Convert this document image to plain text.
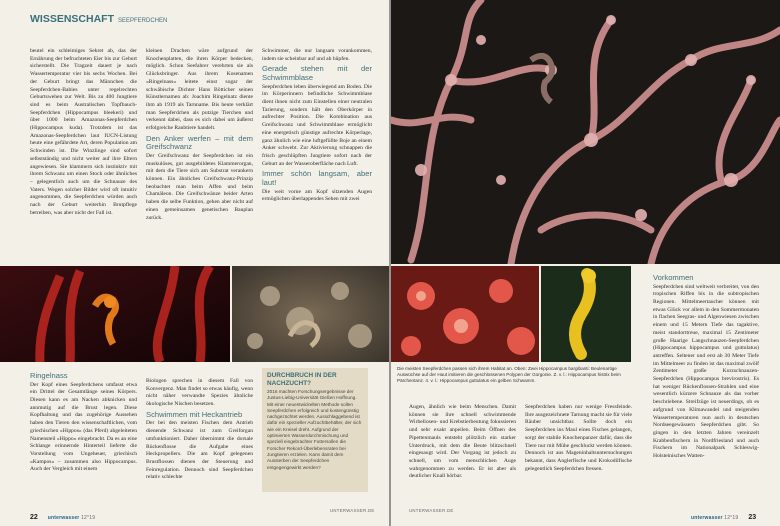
WISSENSCHAFT SEEPFERDCHEN

beutel ein schleimiges Sekret ab, das der Ernährung der befruchteten Eier bis zur Geburt sicherstellt. Die Tragzeit dauert je nach Wassertemperatur vier bis sechs Wochen. Bei der Geburt bringt das Männchen die Seepferdchen-Babies unter regelrechten Geburtswehen zur Welt. Bis zu 400 Jungtiere sind es beim Australischen Topfbauch-Seepferdchen (Hippocampus bleekeri) und über 1000 beim Amazonas-Seepferdchen (Hippocampus kuda). Trotzdem ist das Amazonas-Seepferdchen laut IUCN-Listung heute eine gefährdete Art, deren Population am Schwinden ist. Die Winzlinge sind sofort selbstständig und nicht weiter auf ihre Eltern angewiesen. Sie klammern sich instinktiv mit ihrem Schwanz um einen Stock oder ähnliches – gelegentlich auch um die Schnauze des Vaters. Wegen solcher Bilder wird oft intuitiv angenommen, die Seepferdchen würden auch nach der Geburt weiterhin Brutpflege betreiben, was aber nicht der Fall ist.

kleinen Drachen wäre aufgrund der Knochenplatten, die ihren Körper bedecken, möglich. Schon Seefahrer verehrten sie als Glücksbringer. Aus ihrem Kosenamen «Ringelnass» leitete einst sogar der schwäbische Dichter Hans Bötticher seinen Künstlernamen ab: Joachim Ringelnatz diente ihm ab 1919 als Tarnname. Bis heute verklärt man Seepferdchen als putzige Tierchen und verkennt dabei, dass es sich dabei um äußerst erfolgreiche Raubtiere handelt.

Den Anker werfen – mit dem Greifschwanz

Der Greifschwanz der Seepferdchen ist ein muskulöses, gut ausgebildetes Klammerorgan, mit dem die Tiere sich am Substrat verankern können. Ein ähnliches Greifschwanz-Prinzip beobachtet man beim Affen und beim Chamäleon. Die Greifschwänze beider Arten haben die selbe Funktion, gehen aber nicht auf einen gemeinsamen genetischen Bauplan zurück.

Schwimmer, die nur langsam vorankommen, indem sie scheinbar auf und ab hüpfen.

Gerade stehen mit der Schwimmblase

Seepferdchen leben überwiegend am Boden. Die im Körperinnern befindliche Schwimmblase dient ihnen nicht zum Einstellen einer neutralen Tarierung, sondern hält den Oberkörper in aufrechter Position. Die Kombination aus Greifschwanz und Schwimmblase ermöglicht eine energetisch günstige aufrechte Körperlage, ganz ähnlich wie eine luftgefüllte Boje an einem Anker schwebt. Zur Aktivierung schnappen die frisch geschlüpften Jungtiere sofort nach der Geburt an der Wasseroberfläche nach Luft.

Immer schön langsam, aber laut!

Die weit vorne am Kopf sitzenden Augen ermöglichen überlappendes Sehen mit zwei

Ringelnass

Der Kopf eines Seepferdchens umfasst etwa ein Drittel der Gesamtlänge seines Körpers. Diesen kann es am Nacken abknicken und annmutig auf die Brust legen. Diese Kopfhaltung und das zugehörige Aussehen haben den Tieren den wissenschaftlichen, vom griechischen «Hippos» (das Pferd) abgeleiteten Namensteil «Hippo» eingebracht. Da es an eine Schlange erinnernde Hinterteil lieferte die Vorstellung vom Ungeheuer, griechisch «Kampos» – zusammen also Hippocampus. Auch der Vergleich mit einem

Biologen sprechen in diesem Fall von Konvergenz. Man findet so etwas häufig, wenn nicht näher verwandte Spezies ähnliche ökologische Nischen besetzen.

Schwimmen mit Heckantrieb

Der bei den meisten Fischen dem Antrieb dienende Schwanz ist zum Greiforgan umfunktioniert. Daher übernimmt die dorsale Rückenflosse die Aufgabe eines Heckpropellers. Die am Kopf gelegenen Brustflossen dienen der Steuerung und Feinregulation. Dennoch sind Seepferdchen relativ schlechte

DURCHBRUCH IN DER NACHZUCHT?
2016 machten Forschungsergebnisse der Justus-Liebig-Universität Gießen Hoffnung. Mit einer neuentwickelten Methode sollen Seepferdchen erfolgreich und kostengünstig nachgezüchtet werden. Ausschlaggebend ist dafür ein spezieller Aufzuchtbehälter, der sich wie ein Kreisel dreht. Aufgrund der optimierten Wasserdurchmischung und speziell eingebrachter Futtersollen die Forscher Rekord-Überlebensraten bei Jungtieren erzielen. Kann damit dem Aussterben der Seepferdchen entgegengewirkt werden?
22 unterwasser 12°19
UNTERWASSER.DE
Die meisten Seepferdchen passen sich ihrem Habitat an. Oben: Zwei Hippocampus bargibanti: Beulenartige Auswüchse auf der Haut imitieren die geschlossenen Polypen der Gorgonie. Z. v. l.: Hippocampus histrix beim Pärchentanz. 4. v. l.: Hippocampus guttulatus ein gelben Schwamm.

Augen, ähnlich wie beim Menschen. Damit können sie ihre schnell schwimmende Wirbellosen- und Krebstierbeutung fokussieren und sehr exakt anpeilen. Beim Öffnen des Pipettenmauls entsteht plötzlich ein starker Unterdruck, mit dem die Beute blitzschnell eingesaugt wird. Der Vorgang ist jedoch zu schnell, um vom menschlichen Auge wahrgenommen zu werden. Er ist aber als deutlicher Knall hörbar.

Seepferdchen haben nur wenige Fressfeinde. Ihre ausgezeichnete Tarnung macht sie für viele Räuber unsichtbar. Sollte doch ein Seepferdchen ins Maul eines Fisches gelangen, sorgt der stabile Knochenpanzer dafür, dass die Tiere nur mit Mühe geschluckt werden können. Dennoch ist aus Mageninhaltsuntersuchungen bekannt, dass Anglerfische und Krokodilfische gelegentlich Seepferdchen fressen.

Vorkommen

Seepferdchen sind weltweit verbreitet, von den tropischen Riffen bis in die subtropischen Regionen. Mittelmeertaucher können mit etwas Glück vor allem in den Sommermonaten in flachen Seegras- und Algenwiesen zwischen einem und 15 Metern Tiefe das tagaktive, meist standorttreue, maximal 15 Zentimeter große Haarige Langschnauzen-Seepferdchen (Hippocampus hippocampus und guttulatus) antreffen. Seltener und erst ab 30 Meter Tiefe im Mittelmeer zu finden ist das maximal zwölf Zentimeter große Kurzschnauzen-Seepferdchen (Hippocampus brevirostris). Es hat weniger Rückenflossen-Strahlen und eine wesentlich kürzere Schnauze als das vorher beschriebene. Streifzüge ist neuerdings, ob es aufgrund von Klimawandel und steigenden Wassertemperaturen nun auch in deutschen Nordseegewässern Seepferdchen gibt. So gingen in den letzten Jahren vereinzelt Krabbenfischern in Nordfriesland und auch Fischern im Nationalpark Schleswig-Holsteinisches Watten-

UNTERWASSER.DE
unterwasser 12°19 23
